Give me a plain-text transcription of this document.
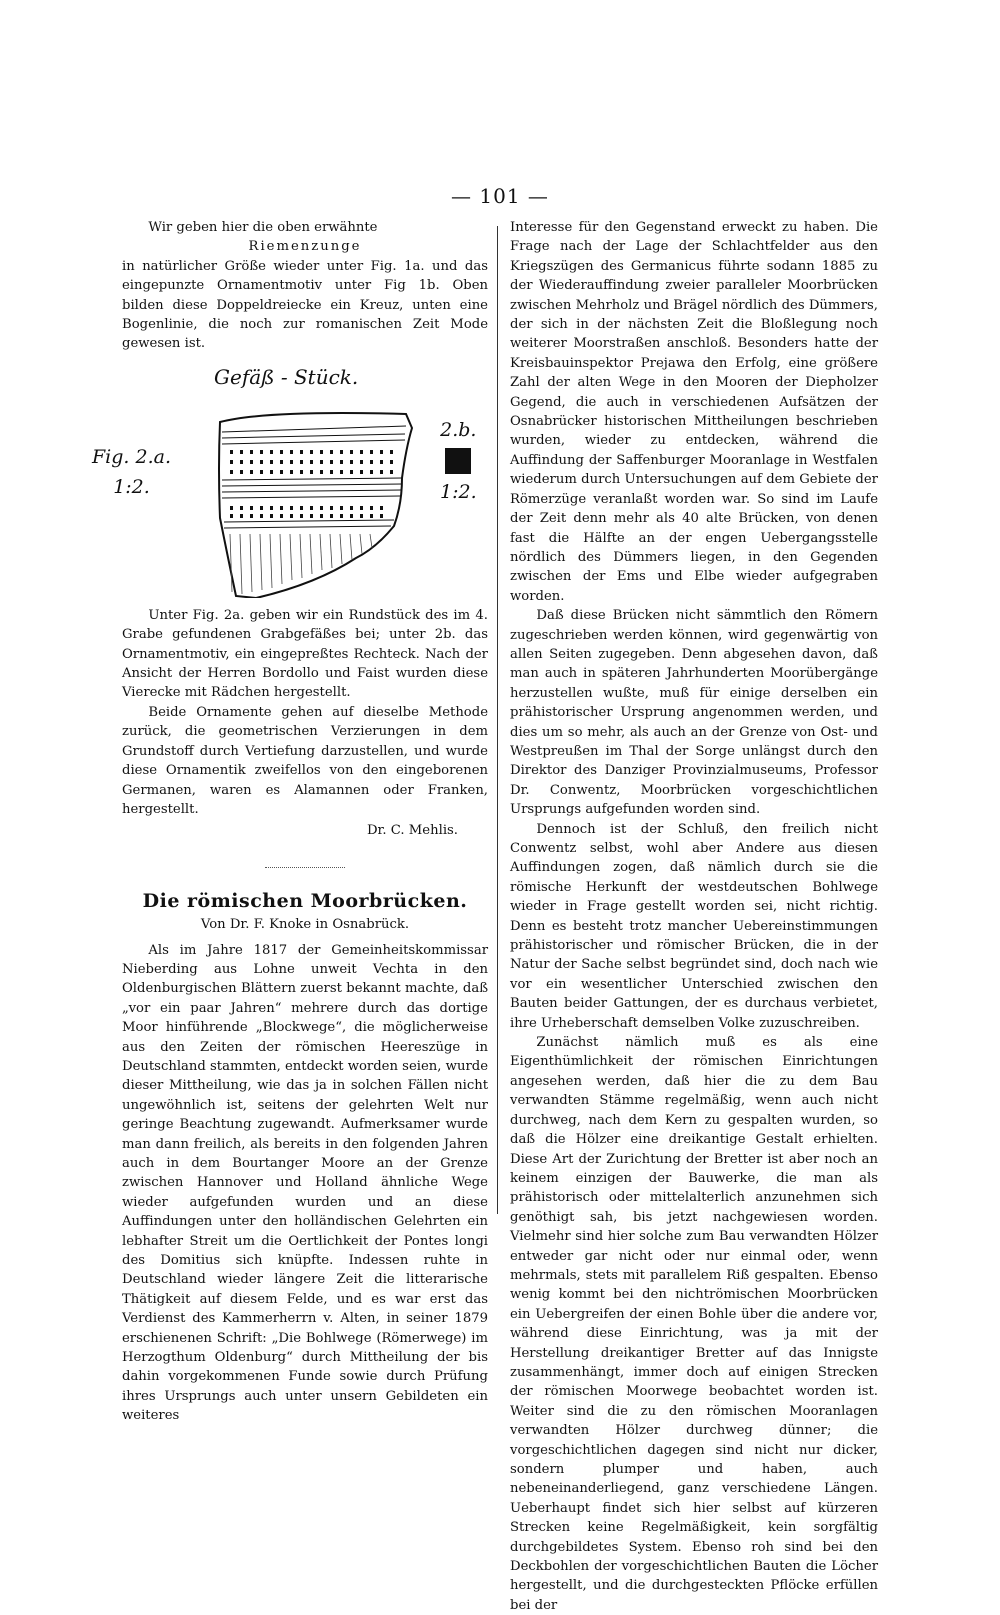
— 101 —

Wir geben hier die oben erwähnte

Riemenzunge

in natürlicher Größe wieder unter Fig. 1a. und das eingepunzte Ornamentmotiv unter Fig 1b. Oben bilden diese Doppeldreiecke ein Kreuz, unten eine Bogenlinie, die noch zur romanischen Zeit Mode gewesen ist.

Gefäß - Stück.
Fig. 2.a.
1:2.
2.b.
1:2.

Unter Fig. 2a. geben wir ein Rundstück des im 4. Grabe gefundenen Grabgefäßes bei; unter 2b. das Ornamentmotiv, ein eingepreßtes Rechteck. Nach der Ansicht der Herren Bordollo und Faist wurden diese Vierecke mit Rädchen hergestellt.

Beide Ornamente gehen auf dieselbe Methode zurück, die geometrischen Verzierungen in dem Grundstoff durch Vertiefung darzustellen, und wurde diese Ornamentik zweifellos von den eingeborenen Germanen, waren es Alamannen oder Franken, hergestellt.

Dr. C. Mehlis.

Die römischen Moorbrücken.

Von Dr. F. Knoke in Osnabrück.

Als im Jahre 1817 der Gemeinheitskommissar Nieberding aus Lohne unweit Vechta in den Oldenburgischen Blättern zuerst bekannt machte, daß „vor ein paar Jahren“ mehrere durch das dortige Moor hinführende „Blockwege“, die möglicherweise aus den Zeiten der römischen Heereszüge in Deutschland stammten, entdeckt worden seien, wurde dieser Mittheilung, wie das ja in solchen Fällen nicht ungewöhnlich ist, seitens der gelehrten Welt nur geringe Beachtung zugewandt. Aufmerksamer wurde man dann freilich, als bereits in den folgenden Jahren auch in dem Bourtanger Moore an der Grenze zwischen Hannover und Holland ähnliche Wege wieder aufgefunden wurden und an diese Auffindungen unter den holländischen Gelehrten ein lebhafter Streit um die Oertlichkeit der Pontes longi des Domitius sich knüpfte. Indessen ruhte in Deutschland wieder längere Zeit die litterarische Thätigkeit auf diesem Felde, und es war erst das Verdienst des Kammerherrn v. Alten, in seiner 1879 erschienenen Schrift: „Die Bohlwege (Römerwege) im Herzogthum Oldenburg“ durch Mittheilung der bis dahin vorgekommenen Funde sowie durch Prüfung ihres Ursprungs auch unter unsern Gebildeten ein weiteres

Interesse für den Gegenstand erweckt zu haben. Die Frage nach der Lage der Schlachtfelder aus den Kriegszügen des Germanicus führte sodann 1885 zu der Wiederauffindung zweier paralleler Moorbrücken zwischen Mehrholz und Brägel nördlich des Dümmers, der sich in der nächsten Zeit die Bloßlegung noch weiterer Moorstraßen anschloß. Besonders hatte der Kreisbauinspektor Prejawa den Erfolg, eine größere Zahl der alten Wege in den Mooren der Diepholzer Gegend, die auch in verschiedenen Aufsätzen der Osnabrücker historischen Mittheilungen beschrieben wurden, wieder zu entdecken, während die Auffindung der Saffenburger Mooranlage in Westfalen wiederum durch Untersuchungen auf dem Gebiete der Römerzüge veranlaßt worden war. So sind im Laufe der Zeit denn mehr als 40 alte Brücken, von denen fast die Hälfte an der engen Uebergangsstelle nördlich des Dümmers liegen, in den Gegenden zwischen der Ems und Elbe wieder aufgegraben worden.

Daß diese Brücken nicht sämmtlich den Römern zugeschrieben werden können, wird gegenwärtig von allen Seiten zugegeben. Denn abgesehen davon, daß man auch in späteren Jahrhunderten Moorübergänge herzustellen wußte, muß für einige derselben ein prähistorischer Ursprung angenommen werden, und dies um so mehr, als auch an der Grenze von Ost- und Westpreußen im Thal der Sorge unlängst durch den Direktor des Danziger Provinzialmuseums, Professor Dr. Conwentz, Moorbrücken vorgeschichtlichen Ursprungs aufgefunden worden sind.

Dennoch ist der Schluß, den freilich nicht Conwentz selbst, wohl aber Andere aus diesen Auffindungen zogen, daß nämlich durch sie die römische Herkunft der westdeutschen Bohlwege wieder in Frage gestellt worden sei, nicht richtig. Denn es besteht trotz mancher Uebereinstimmungen prähistorischer und römischer Brücken, die in der Natur der Sache selbst begründet sind, doch nach wie vor ein wesentlicher Unterschied zwischen den Bauten beider Gattungen, der es durchaus verbietet, ihre Urheberschaft demselben Volke zuzuschreiben.

Zunächst nämlich muß es als eine Eigenthümlichkeit der römischen Einrichtungen angesehen werden, daß hier die zu dem Bau verwandten Stämme regelmäßig, wenn auch nicht durchweg, nach dem Kern zu gespalten wurden, so daß die Hölzer eine dreikantige Gestalt erhielten. Diese Art der Zurichtung der Bretter ist aber noch an keinem einzigen der Bauwerke, die man als prähistorisch oder mittelalterlich anzunehmen sich genöthigt sah, bis jetzt nachgewiesen worden. Vielmehr sind hier solche zum Bau verwandten Hölzer entweder gar nicht oder nur einmal oder, wenn mehrmals, stets mit parallelem Riß gespalten. Ebenso wenig kommt bei den nichtrömischen Moorbrücken ein Uebergreifen der einen Bohle über die andere vor, während diese Einrichtung, was ja mit der Herstellung dreikantiger Bretter auf das Innigste zusammenhängt, immer doch auf einigen Strecken der römischen Moorwege beobachtet worden ist. Weiter sind die zu den römischen Mooranlagen verwandten Hölzer durchweg dünner; die vorgeschichtlichen dagegen sind nicht nur dicker, sondern plumper und haben, auch nebeneinanderliegend, ganz verschiedene Längen. Ueberhaupt findet sich hier selbst auf kürzeren Strecken keine Regelmäßigkeit, kein sorgfältig durchgebildetes System. Ebenso roh sind bei den Deckbohlen der vorgeschichtlichen Bauten die Löcher hergestellt, und die durchgesteckten Pflöcke erfüllen bei der
